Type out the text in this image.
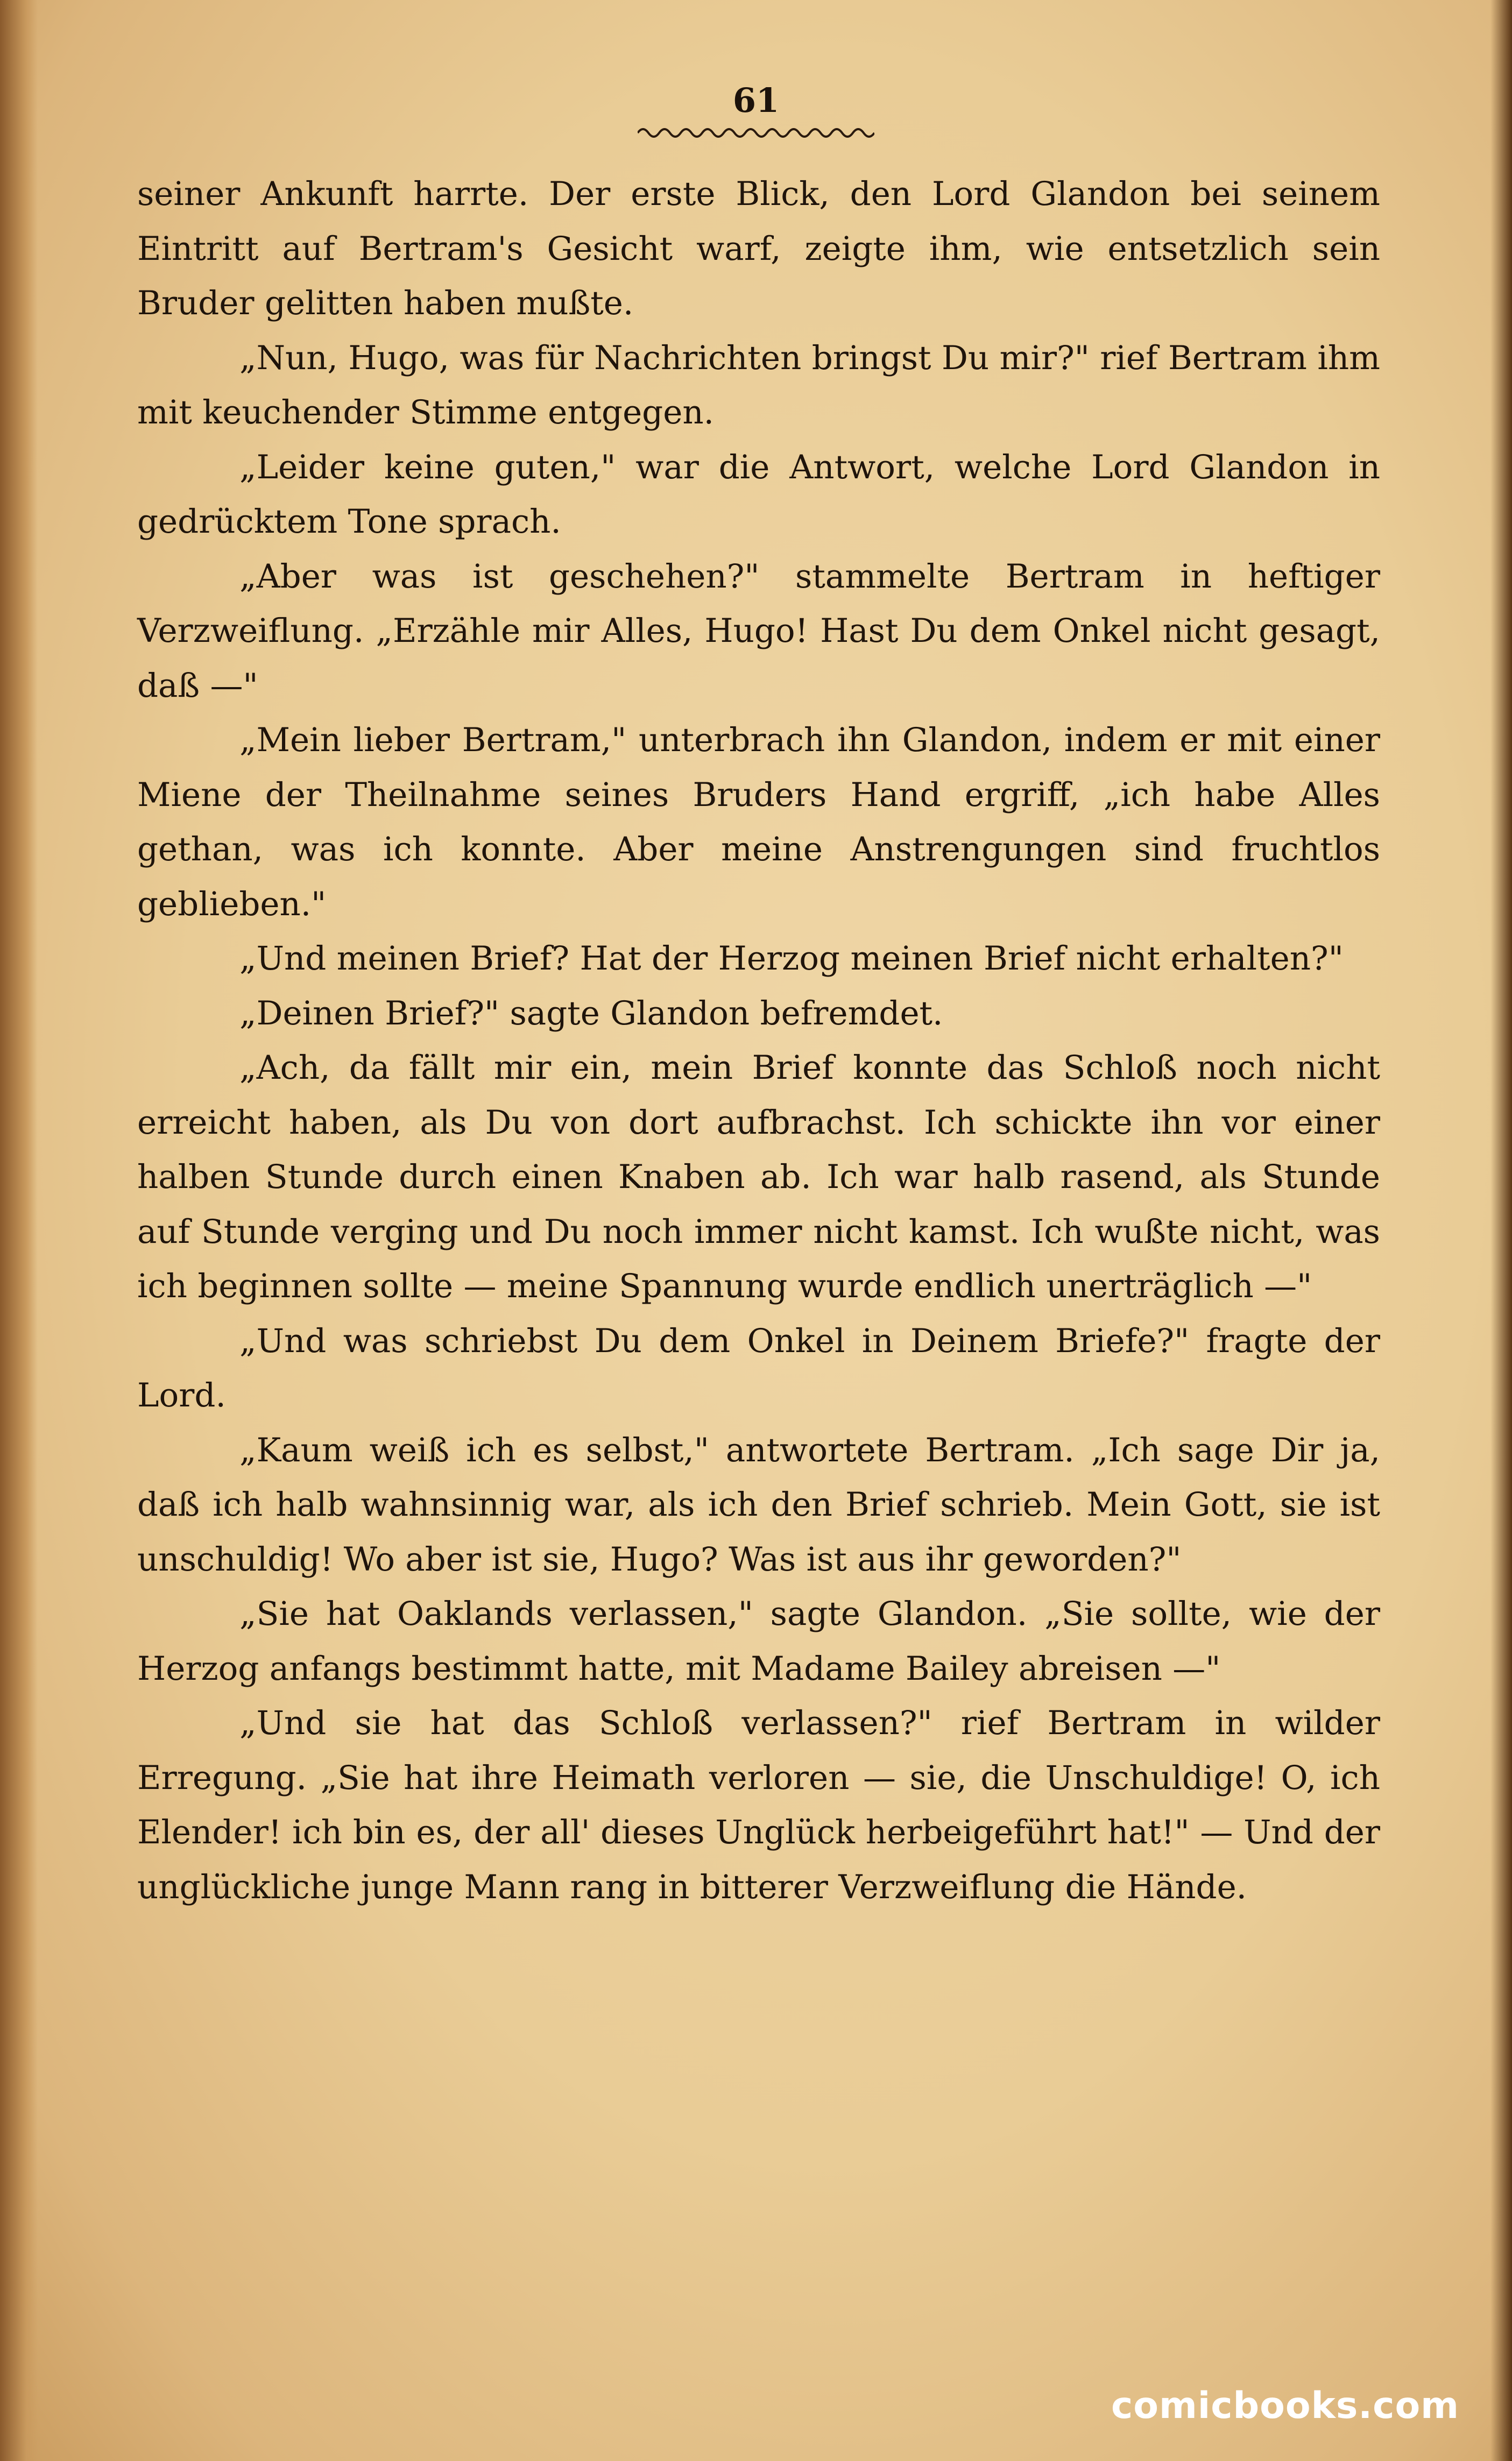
61

seiner Ankunft harrte. Der erste Blick, den Lord Glandon bei seinem Eintritt auf Bertram's Gesicht warf, zeigte ihm, wie entsetzlich sein Bruder gelitten haben mußte.

„Nun, Hugo, was für Nachrichten bringst Du mir?" rief Bertram ihm mit keuchender Stimme entgegen.

„Leider keine guten," war die Antwort, welche Lord Glandon in gedrücktem Tone sprach.

„Aber was ist geschehen?" stammelte Bertram in heftiger Verzweiflung. „Erzähle mir Alles, Hugo! Hast Du dem Onkel nicht gesagt, daß —"

„Mein lieber Bertram," unterbrach ihn Glandon, indem er mit einer Miene der Theilnahme seines Bruders Hand ergriff, „ich habe Alles gethan, was ich konnte. Aber meine Anstrengungen sind fruchtlos geblieben."

„Und meinen Brief? Hat der Herzog meinen Brief nicht erhalten?"

„Deinen Brief?" sagte Glandon befremdet.

„Ach, da fällt mir ein, mein Brief konnte das Schloß noch nicht erreicht haben, als Du von dort aufbrachst. Ich schickte ihn vor einer halben Stunde durch einen Knaben ab. Ich war halb rasend, als Stunde auf Stunde verging und Du noch immer nicht kamst. Ich wußte nicht, was ich beginnen sollte — meine Spannung wurde endlich unerträglich —"

„Und was schriebst Du dem Onkel in Deinem Briefe?" fragte der Lord.

„Kaum weiß ich es selbst," antwortete Bertram. „Ich sage Dir ja, daß ich halb wahnsinnig war, als ich den Brief schrieb. Mein Gott, sie ist unschuldig! Wo aber ist sie, Hugo? Was ist aus ihr geworden?"

„Sie hat Oaklands verlassen," sagte Glandon. „Sie sollte, wie der Herzog anfangs bestimmt hatte, mit Madame Bailey abreisen —"

„Und sie hat das Schloß verlassen?" rief Bertram in wilder Erregung. „Sie hat ihre Heimath verloren — sie, die Unschuldige! O, ich Elender! ich bin es, der all' dieses Unglück herbeigeführt hat!" — Und der unglückliche junge Mann rang in bitterer Verzweiflung die Hände.

comicbooks.com
